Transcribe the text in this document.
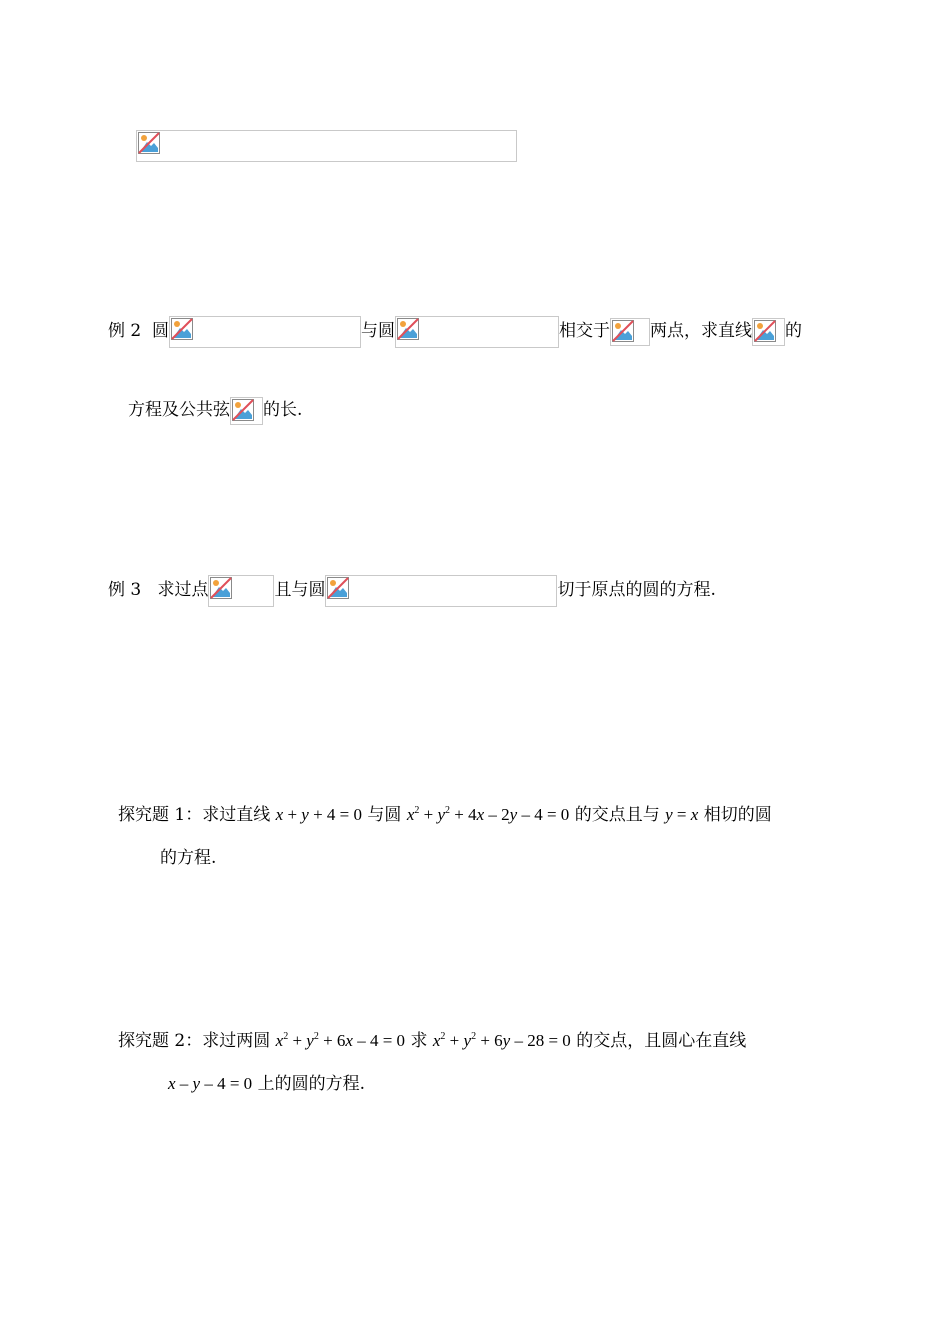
例 2 圆	与圆	相交于 两点，求直线 的
方程及公共弦 的长.
例 3 求过点	且与圆	切于原点的圆的方程.
探究题 1：求过直线 x + y + 4 = 0 与圆 $x^2 + y^2 + 4x - 2y - 4 = 0$ 的交点且与 y = x 相切的圆
的方程.
探究题 2：求过两圆 $x^2 + y^2 + 6x - 4 = 0$ 求 $x^2 + y^2 + 6y - 28 = 0$ 的交点，且圆心在直线
x – y – 4 = 0 上的圆的方程.
